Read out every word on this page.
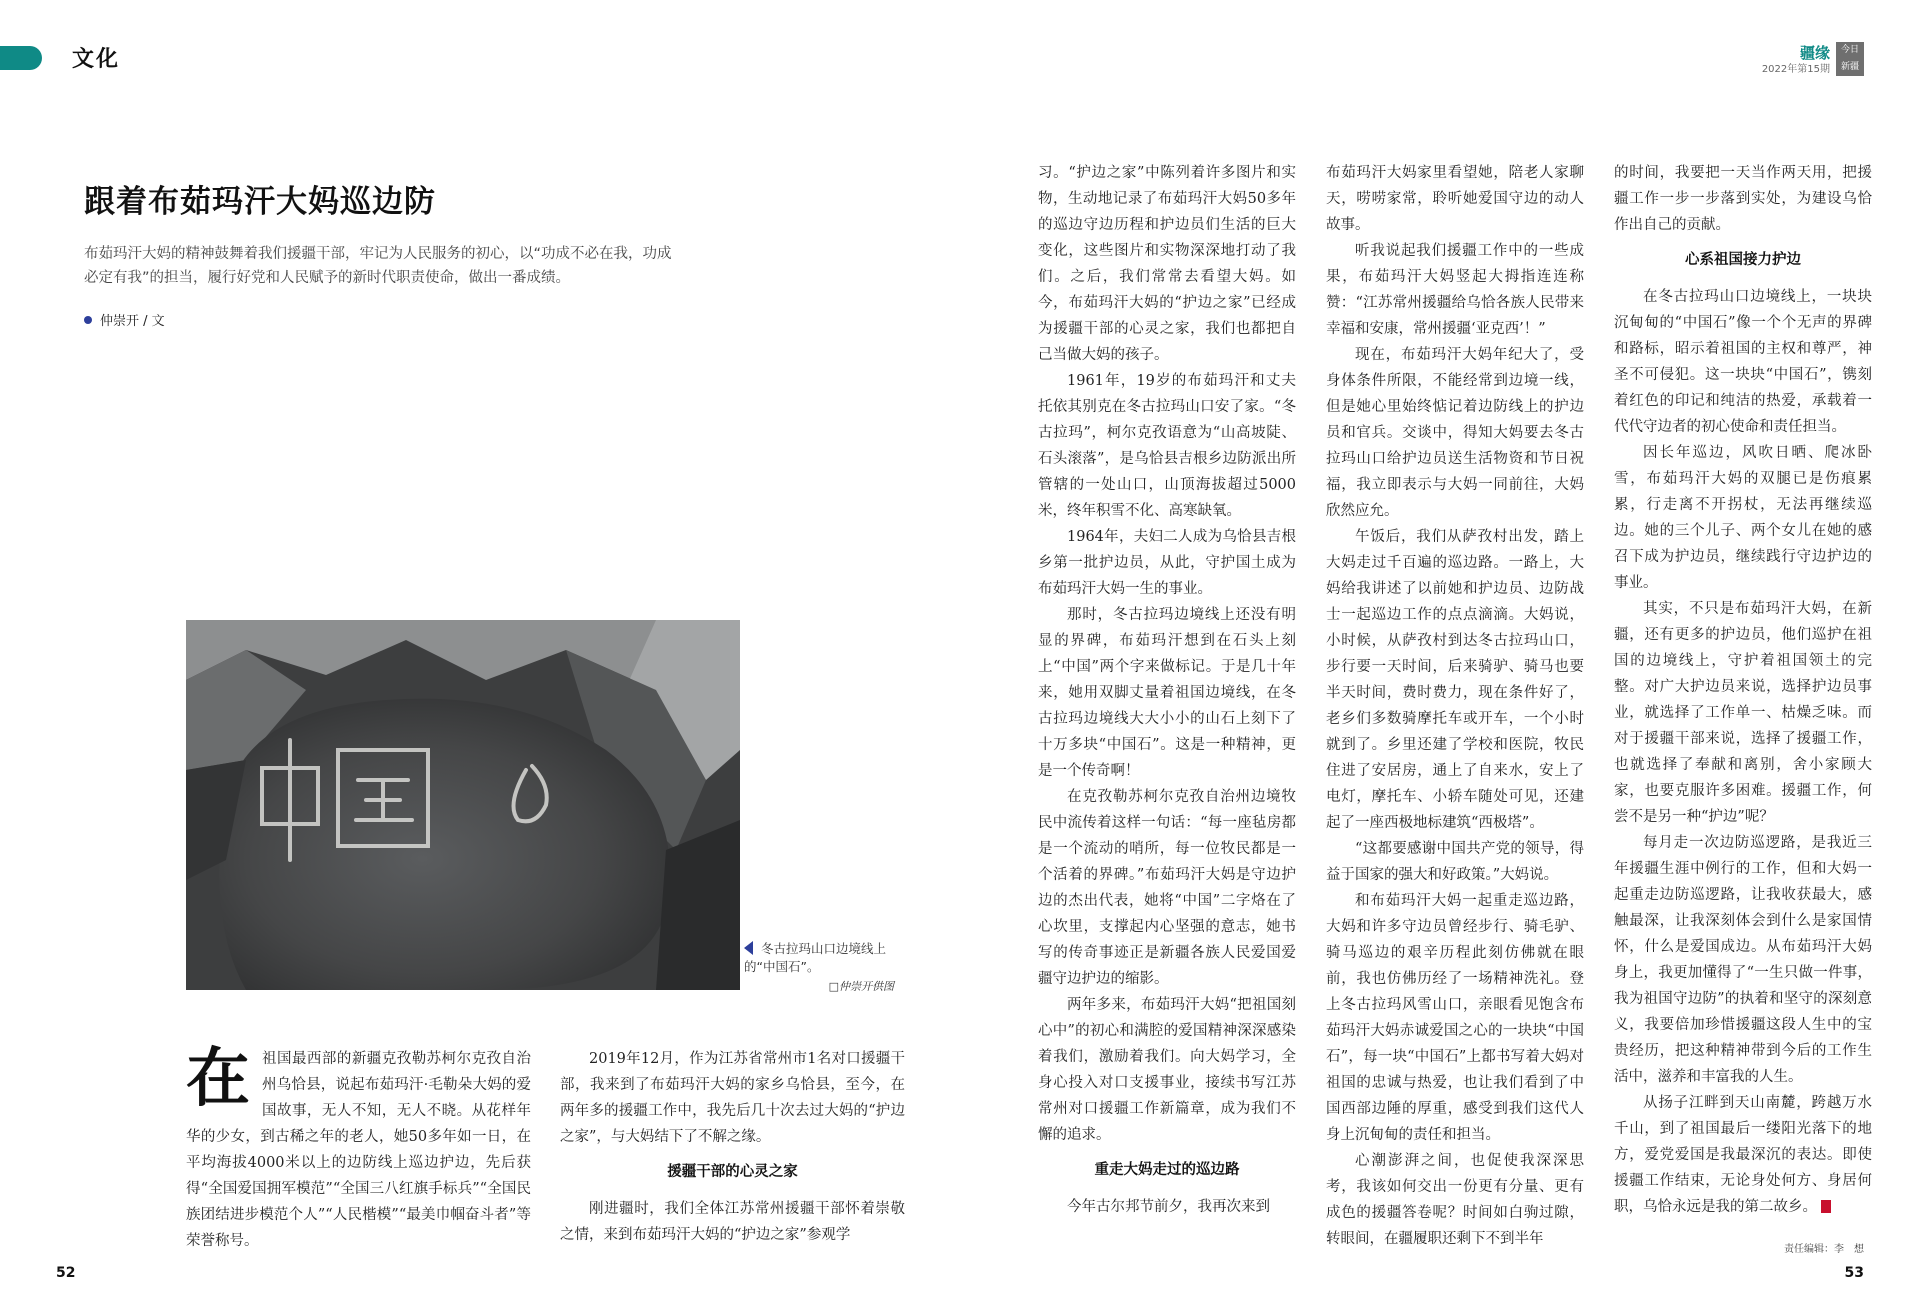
文化	疆缘
2022年第15期
今日
新疆
跟着布茹玛汗大妈巡边防
布茹玛汗大妈的精神鼓舞着我们援疆干部，牢记为人民服务的初心，以“功成不必在我，功成必定有我”的担当，履行好党和人民赋予的新时代职责使命，做出一番成绩。
仲崇开 / 文
冬古拉玛山口边境线上的“中国石”。
□仲崇开供图
在 祖国最西部的新疆克孜勒苏柯尔克孜自治州乌恰县，说起布茹玛汗·毛勒朵大妈的爱国故事，无人不知，无人不晓。从花样年华的少女，到古稀之年的老人，她50多年如一日，在平均海拔4000米以上的边防线上巡边护边，先后获得“全国爱国拥军模范”“全国三八红旗手标兵”“全国民族团结进步模范个人”“人民楷模”“最美巾帼奋斗者”等荣誉称号。

2019年12月，作为江苏省常州市1名对口援疆干部，我来到了布茹玛汗大妈的家乡乌恰县，至今，在两年多的援疆工作中，我先后几十次去过大妈的“护边之家”，与大妈结下了不解之缘。

援疆干部的心灵之家

刚进疆时，我们全体江苏常州援疆干部怀着崇敬之情，来到布茹玛汗大妈的“护边之家”参观学

习。“护边之家”中陈列着许多图片和实物，生动地记录了布茹玛汗大妈50多年的巡边守边历程和护边员们生活的巨大变化，这些图片和实物深深地打动了我们。之后，我们常常去看望大妈。如今，布茹玛汗大妈的“护边之家”已经成为援疆干部的心灵之家，我们也都把自己当做大妈的孩子。

1961年，19岁的布茹玛汗和丈夫托依其别克在冬古拉玛山口安了家。“冬古拉玛”，柯尔克孜语意为“山高坡陡、石头滚落”，是乌恰县吉根乡边防派出所管辖的一处山口，山顶海拔超过5000米，终年积雪不化、高寒缺氧。

1964年，夫妇二人成为乌恰县吉根乡第一批护边员，从此，守护国土成为布茹玛汗大妈一生的事业。

那时，冬古拉玛边境线上还没有明显的界碑，布茹玛汗想到在石头上刻上“中国”两个字来做标记。于是几十年来，她用双脚丈量着祖国边境线，在冬古拉玛边境线大大小小的山石上刻下了十万多块“中国石”。这是一种精神，更是一个传奇啊！

在克孜勒苏柯尔克孜自治州边境牧民中流传着这样一句话：“每一座毡房都是一个流动的哨所，每一位牧民都是一个活着的界碑。”布茹玛汗大妈是守边护边的杰出代表，她将“中国”二字烙在了心坎里，支撑起内心坚强的意志，她书写的传奇事迹正是新疆各族人民爱国爱疆守边护边的缩影。

两年多来，布茹玛汗大妈“把祖国刻心中”的初心和满腔的爱国精神深深感染着我们，激励着我们。向大妈学习，全身心投入对口支援事业，接续书写江苏常州对口援疆工作新篇章，成为我们不懈的追求。

重走大妈走过的巡边路

今年古尔邦节前夕，我再次来到

布茹玛汗大妈家里看望她，陪老人家聊天，唠唠家常，聆听她爱国守边的动人故事。

听我说起我们援疆工作中的一些成果，布茹玛汗大妈竖起大拇指连连称赞：“江苏常州援疆给乌恰各族人民带来幸福和安康，常州援疆‘亚克西’！”

现在，布茹玛汗大妈年纪大了，受身体条件所限，不能经常到边境一线，但是她心里始终惦记着边防线上的护边员和官兵。交谈中，得知大妈要去冬古拉玛山口给护边员送生活物资和节日祝福，我立即表示与大妈一同前往，大妈欣然应允。

午饭后，我们从萨孜村出发，踏上大妈走过千百遍的巡边路。一路上，大妈给我讲述了以前她和护边员、边防战士一起巡边工作的点点滴滴。大妈说，小时候，从萨孜村到达冬古拉玛山口，步行要一天时间，后来骑驴、骑马也要半天时间，费时费力，现在条件好了，老乡们多数骑摩托车或开车，一个小时就到了。乡里还建了学校和医院，牧民住进了安居房，通上了自来水，安上了电灯，摩托车、小轿车随处可见，还建起了一座西极地标建筑“西极塔”。

“这都要感谢中国共产党的领导，得益于国家的强大和好政策。”大妈说。

和布茹玛汗大妈一起重走巡边路，大妈和许多守边员曾经步行、骑毛驴、骑马巡边的艰辛历程此刻仿佛就在眼前，我也仿佛历经了一场精神洗礼。登上冬古拉玛风雪山口，亲眼看见饱含布茹玛汗大妈赤诚爱国之心的一块块“中国石”，每一块“中国石”上都书写着大妈对祖国的忠诚与热爱，也让我们看到了中国西部边陲的厚重，感受到我们这代人身上沉甸甸的责任和担当。

心潮澎湃之间，也促使我深深思考，我该如何交出一份更有分量、更有成色的援疆答卷呢？时间如白驹过隙，转眼间，在疆履职还剩下不到半年

的时间，我要把一天当作两天用，把援疆工作一步一步落到实处，为建设乌恰作出自己的贡献。

心系祖国接力护边

在冬古拉玛山口边境线上，一块块沉甸甸的“中国石”像一个个无声的界碑和路标，昭示着祖国的主权和尊严，神圣不可侵犯。这一块块“中国石”，镌刻着红色的印记和纯洁的热爱，承载着一代代守边者的初心使命和责任担当。

因长年巡边，风吹日晒、爬冰卧雪，布茹玛汗大妈的双腿已是伤痕累累，行走离不开拐杖，无法再继续巡边。她的三个儿子、两个女儿在她的感召下成为护边员，继续践行守边护边的事业。

其实，不只是布茹玛汗大妈，在新疆，还有更多的护边员，他们巡护在祖国的边境线上，守护着祖国领土的完整。对广大护边员来说，选择护边员事业，就选择了工作单一、枯燥乏味。而对于援疆干部来说，选择了援疆工作，也就选择了奉献和离别，舍小家顾大家，也要克服许多困难。援疆工作，何尝不是另一种“护边”呢？

每月走一次边防巡逻路，是我近三年援疆生涯中例行的工作，但和大妈一起重走边防巡逻路，让我收获最大，感触最深，让我深刻体会到什么是家国情怀，什么是爱国成边。从布茹玛汗大妈身上，我更加懂得了“一生只做一件事，我为祖国守边防”的执着和坚守的深刻意义，我要倍加珍惜援疆这段人生中的宝贵经历，把这种精神带到今后的工作生活中，滋养和丰富我的人生。

从扬子江畔到天山南麓，跨越万水千山，到了祖国最后一缕阳光落下的地方，爱党爱国是我最深沉的表达。即使援疆工作结束，无论身处何方、身居何职，乌恰永远是我的第二故乡。

52	53
责任编辑：李　想
